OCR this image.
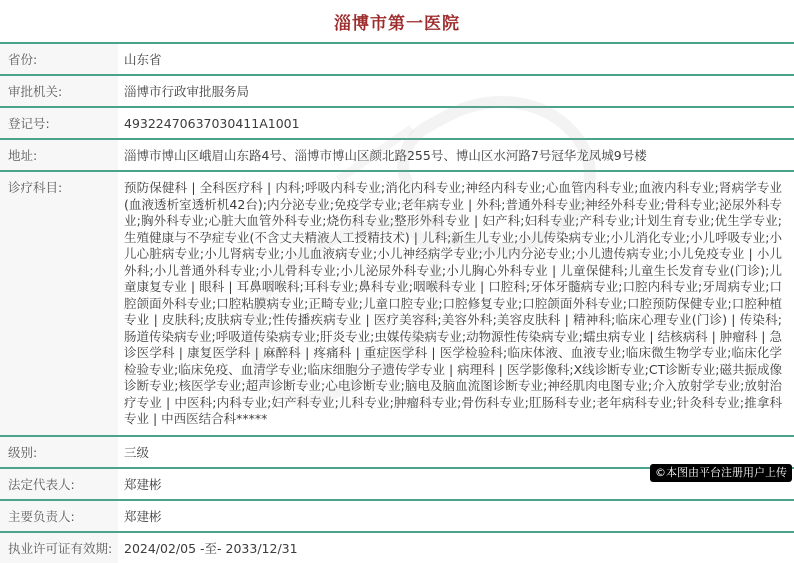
淄博市第一医院
省份:	山东省
审批机关:	淄博市行政审批服务局
登记号:	49322470637030411A1001
地址:	淄博市博山区峨眉山东路4号、淄博市博山区颜北路255号、博山区水河路7号冠华龙凤城9号楼
诊疗科目:	预防保健科 | 全科医疗科 | 内科;呼吸内科专业;消化内科专业;神经内科专业;心血管内科专业;血液内科专业;肾病学专业(血液透析室透析机42台);内分泌专业;免疫学专业;老年病专业 | 外科;普通外科专业;神经外科专业;骨科专业;泌尿外科专业;胸外科专业;心脏大血管外科专业;烧伤科专业;整形外科专业 | 妇产科;妇科专业;产科专业;计划生育专业;优生学专业;生殖健康与不孕症专业(不含丈夫精液人工授精技术) | 儿科;新生儿专业;小儿传染病专业;小儿消化专业;小儿呼吸专业;小儿心脏病专业;小儿肾病专业;小儿血液病专业;小儿神经病学专业;小儿内分泌专业;小儿遗传病专业;小儿免疫专业 | 小儿外科;小儿普通外科专业;小儿骨科专业;小儿泌尿外科专业;小儿胸心外科专业 | 儿童保健科;儿童生长发育专业(门诊);儿童康复专业 | 眼科 | 耳鼻咽喉科;耳科专业;鼻科专业;咽喉科专业 | 口腔科;牙体牙髓病专业;口腔内科专业;牙周病专业;口腔颌面外科专业;口腔粘膜病专业;正畸专业;儿童口腔专业;口腔修复专业;口腔颌面外科专业;口腔预防保健专业;口腔种植专业 | 皮肤科;皮肤病专业;性传播疾病专业 | 医疗美容科;美容外科;美容皮肤科 | 精神科;临床心理专业(门诊) | 传染科;肠道传染病专业;呼吸道传染病专业;肝炎专业;虫媒传染病专业;动物源性传染病专业;蠕虫病专业 | 结核病科 | 肿瘤科 | 急诊医学科 | 康复医学科 | 麻醉科 | 疼痛科 | 重症医学科 | 医学检验科;临床体液、血液专业;临床微生物学专业;临床化学检验专业;临床免疫、血清学专业;临床细胞分子遗传学专业 | 病理科 | 医学影像科;X线诊断专业;CT诊断专业;磁共振成像诊断专业;核医学专业;超声诊断专业;心电诊断专业;脑电及脑血流图诊断专业;神经肌肉电图专业;介入放射学专业;放射治疗专业 | 中医科;内科专业;妇产科专业;儿科专业;肿瘤科专业;骨伤科专业;肛肠科专业;老年病科专业;针灸科专业;推拿科专业 | 中西医结合科*****
级别:	三级
法定代表人:	郑建彬
主要负责人:	郑建彬
执业许可证有效期: 2024/02/05 -至- 2033/12/31
©本图由平台注册用户上传
